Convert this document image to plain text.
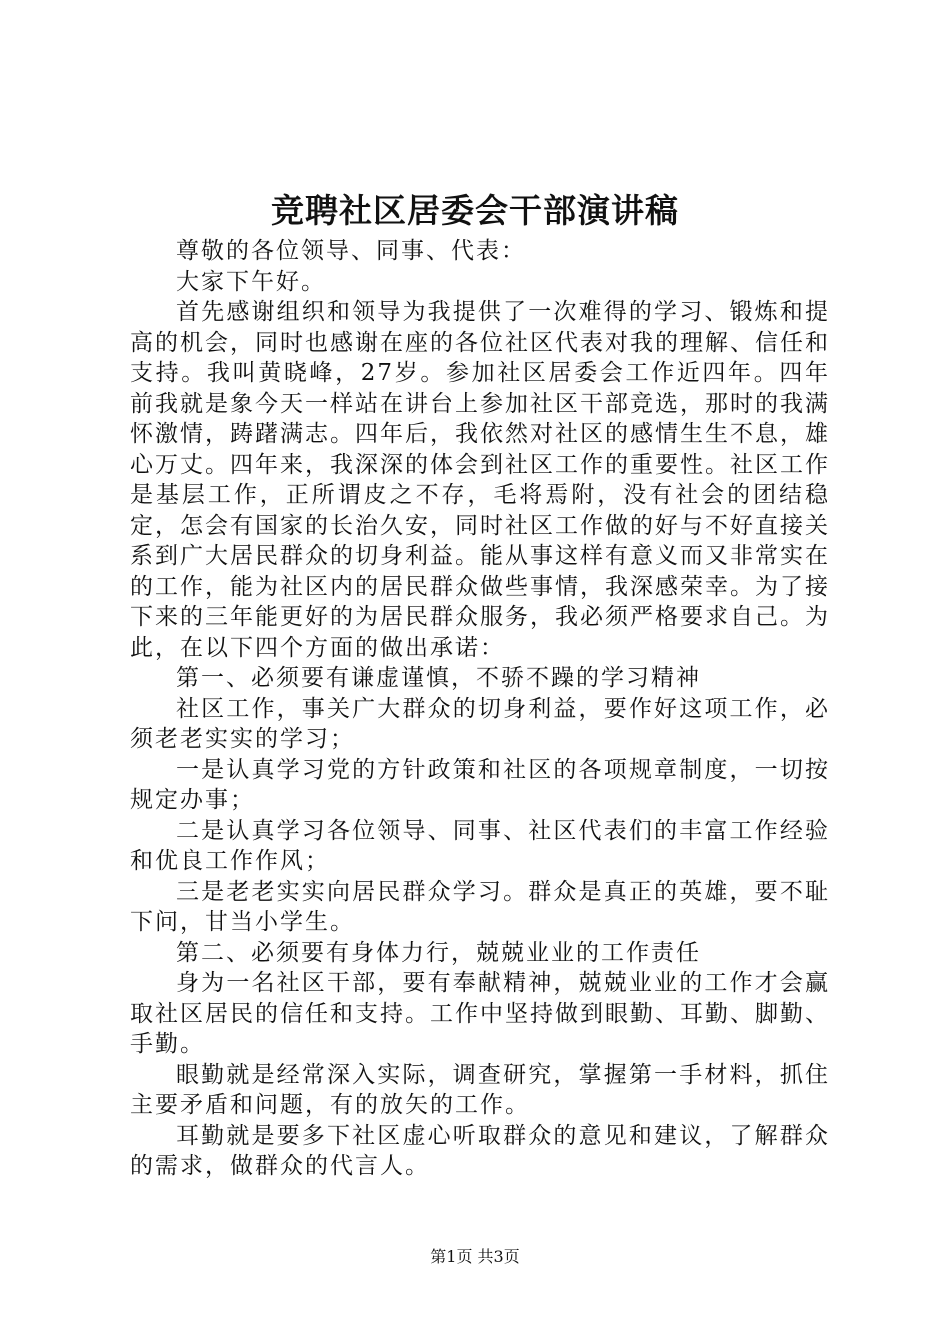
竞聘社区居委会干部演讲稿

尊敬的各位领导、同事、代表：

大家下午好。

首先感谢组织和领导为我提供了一次难得的学习、锻炼和提高的机会，同时也感谢在座的各位社区代表对我的理解、信任和支持。我叫黄晓峰，27岁。参加社区居委会工作近四年。四年前我就是象今天一样站在讲台上参加社区干部竞选，那时的我满怀激情，踌躇满志。四年后，我依然对社区的感情生生不息，雄心万丈。四年来，我深深的体会到社区工作的重要性。社区工作是基层工作，正所谓皮之不存，毛将焉附，没有社会的团结稳定，怎会有国家的长治久安，同时社区工作做的好与不好直接关系到广大居民群众的切身利益。能从事这样有意义而又非常实在的工作，能为社区内的居民群众做些事情，我深感荣幸。为了接下来的三年能更好的为居民群众服务，我必须严格要求自己。为此，在以下四个方面的做出承诺：

第一、必须要有谦虚谨慎，不骄不躁的学习精神

社区工作，事关广大群众的切身利益，要作好这项工作，必须老老实实的学习；

一是认真学习党的方针政策和社区的各项规章制度，一切按规定办事；

二是认真学习各位领导、同事、社区代表们的丰富工作经验和优良工作作风；

三是老老实实向居民群众学习。群众是真正的英雄，要不耻下问，甘当小学生。

第二、必须要有身体力行，兢兢业业的工作责任

身为一名社区干部，要有奉献精神，兢兢业业的工作才会赢取社区居民的信任和支持。工作中坚持做到眼勤、耳勤、脚勤、手勤。

眼勤就是经常深入实际，调查研究，掌握第一手材料，抓住主要矛盾和问题，有的放矢的工作。

耳勤就是要多下社区虚心听取群众的意见和建议，了解群众的需求，做群众的代言人。

第1页 共3页
